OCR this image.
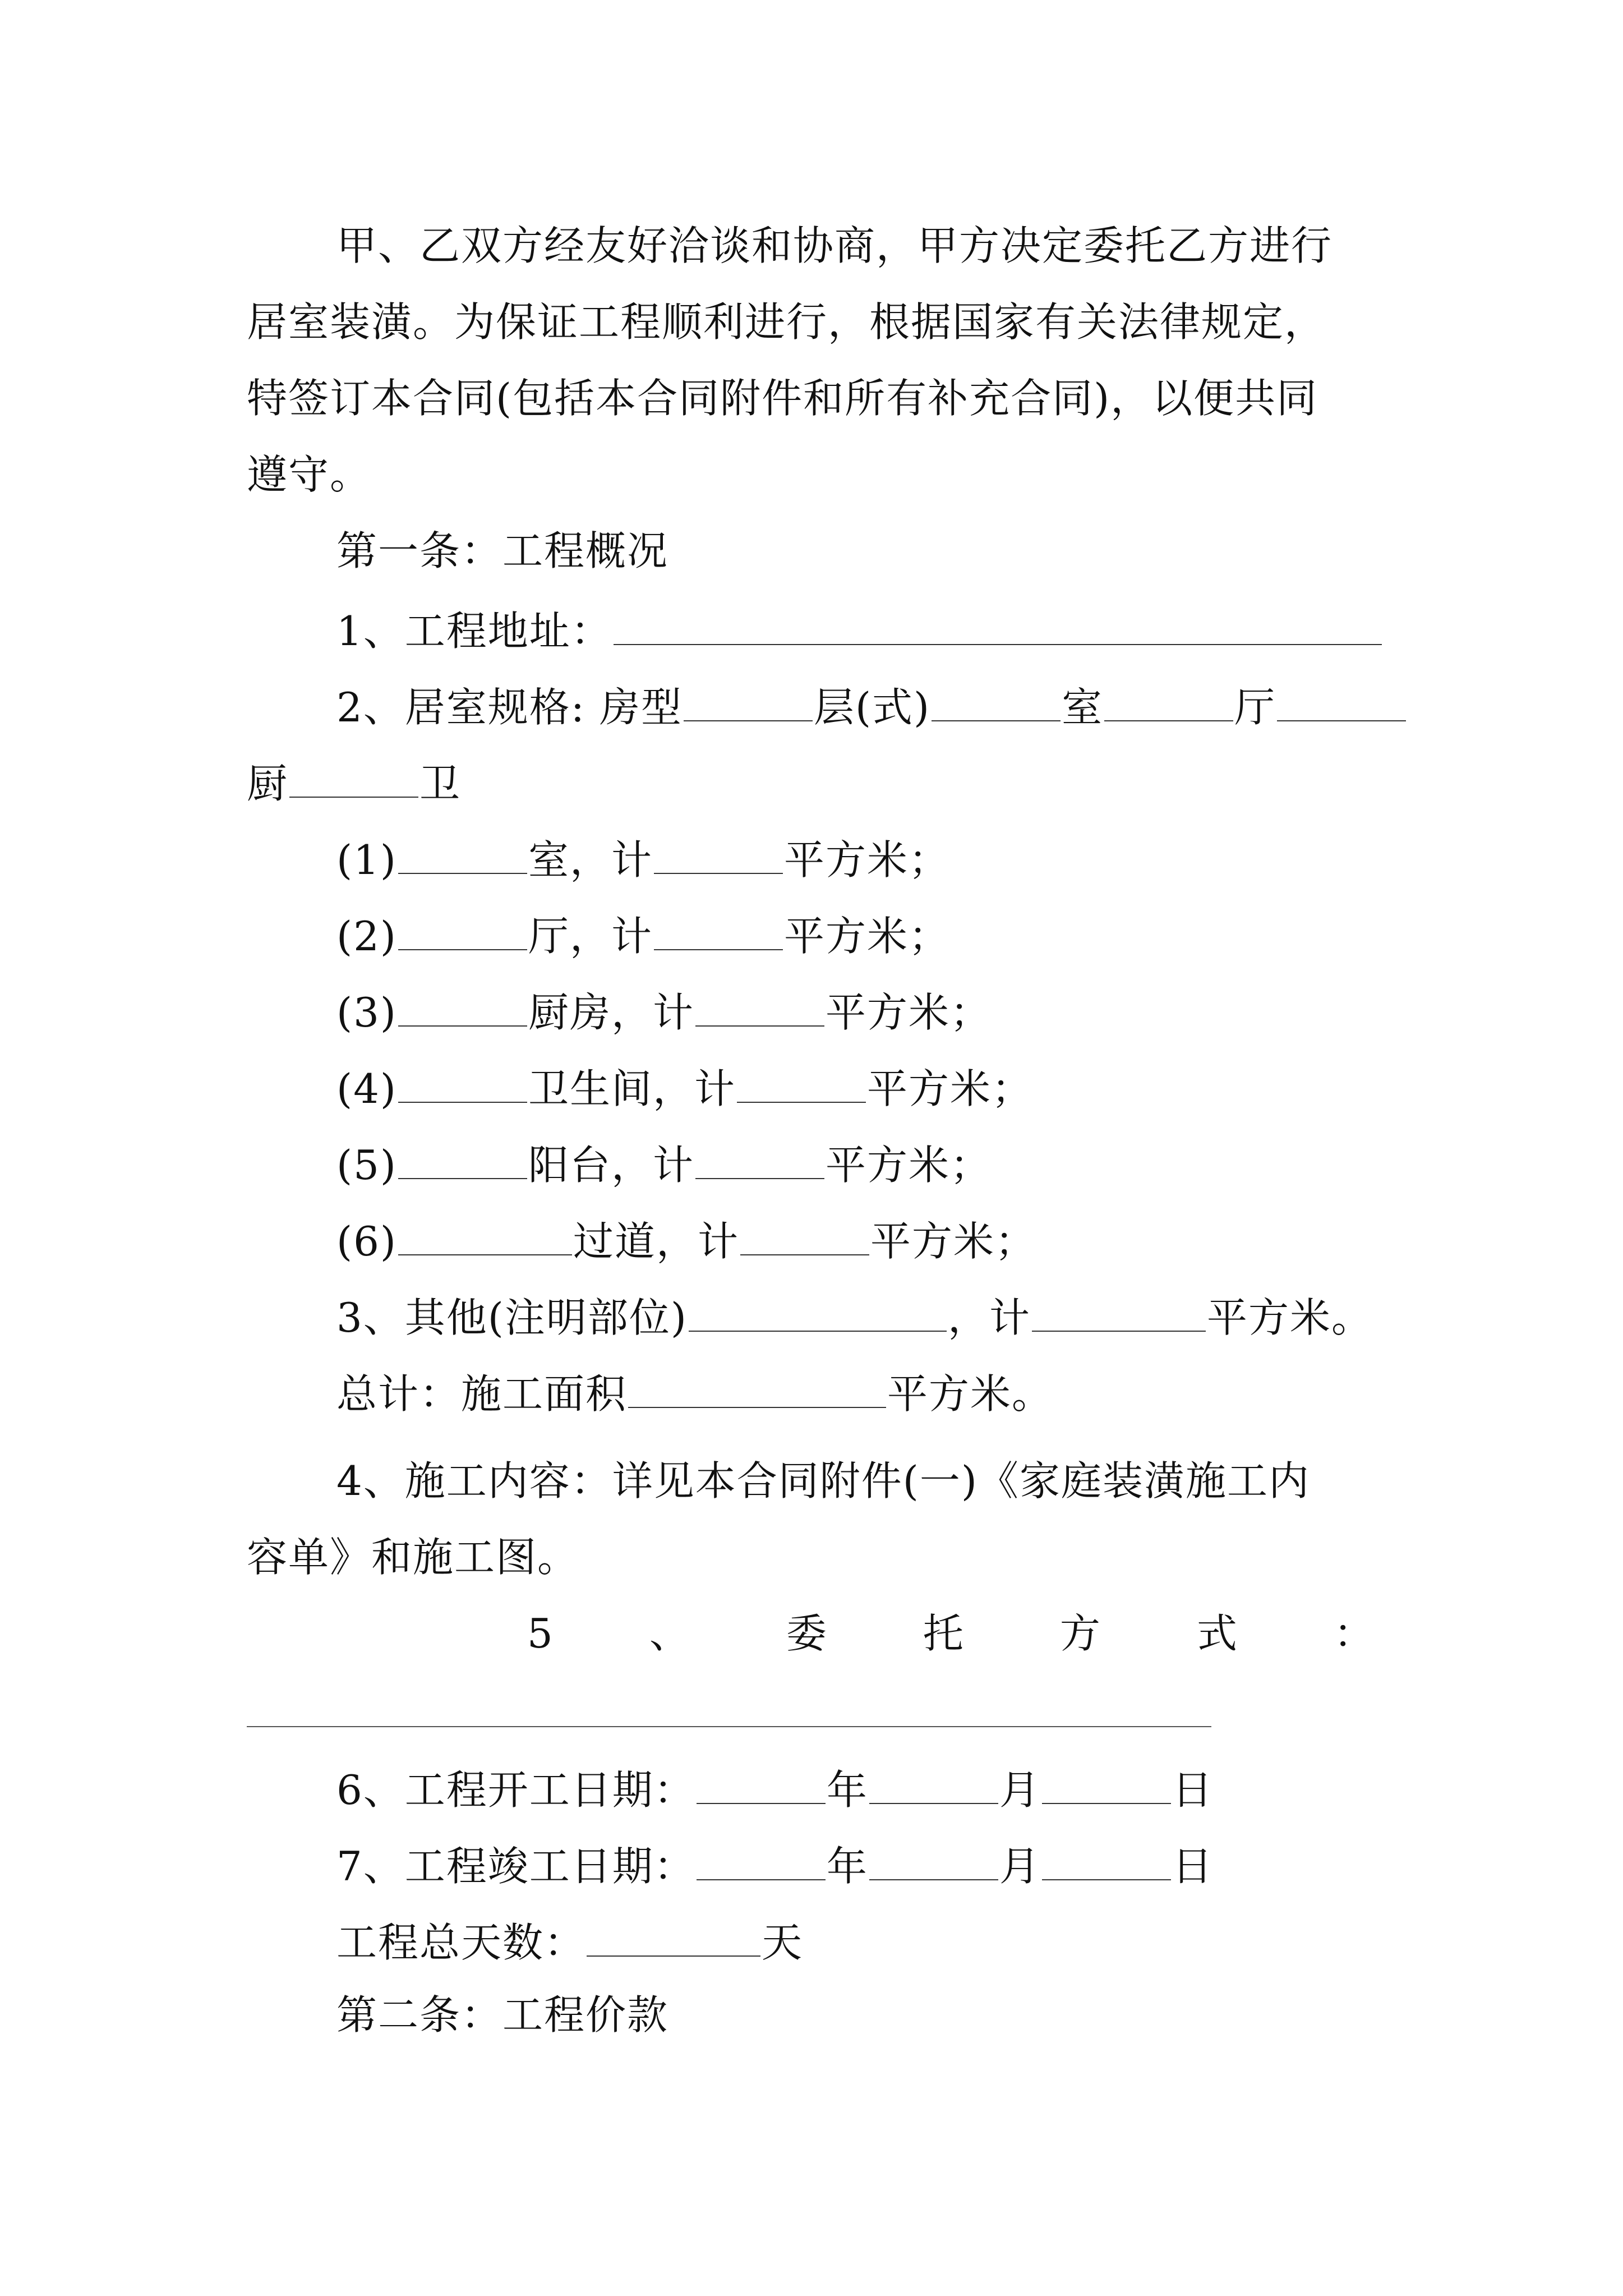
甲、乙双方经友好洽谈和协商，甲方决定委托乙方进行
居室装潢。为保证工程顺利进行，根据国家有关法律规定，
特签订本合同(包括本合同附件和所有补充合同)，以便共同
遵守。
第一条：工程概况
1、工程地址：
2、居室规格: 房型	层(式)	室	厅
厨	卫
(1)	室，计	平方米；
(2)	厅，计	平方米；
(3)	厨房，计	平方米；
(4)	卫生间，计	平方米；
(5)	阳台，计	平方米；
(6)	过道，计	平方米；
3、其他(注明部位)	，计	平方米。
总计：施工面积	平方米。
4、施工内容：详见本合同附件(一)《家庭装潢施工内
容单》和施工图。
5 、 委 托 方 式 ：
6、工程开工日期：	年	月	日
7、工程竣工日期：	年	月	日
工程总天数：	天
第二条：工程价款
